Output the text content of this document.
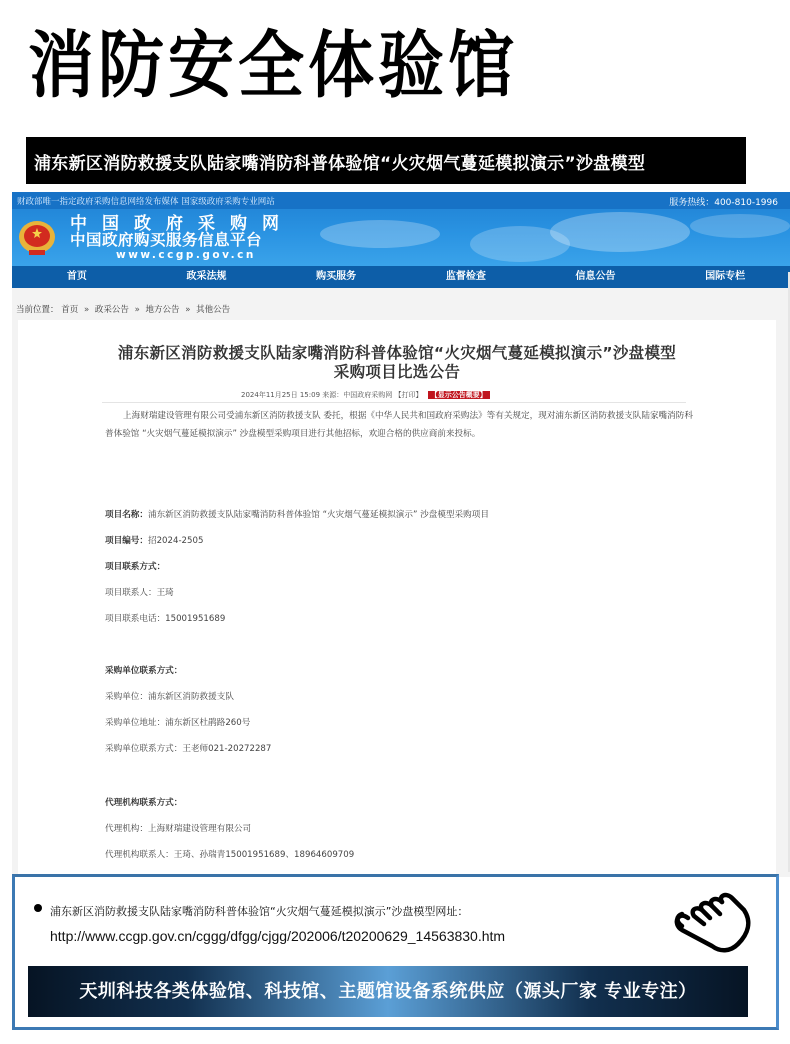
消防安全体验馆
浦东新区消防救援支队陆家嘴消防科普体验馆“火灾烟气蔓延模拟演示”沙盘模型
财政部唯一指定政府采购信息网络发布媒体 国家级政府采购专业网站	服务热线：400-810-1996
中国政府采购网
中国政府购买服务信息平台
www.ccgp.gov.cn
首页	政采法规	购买服务	监督检查	信息公告	国际专栏
当前位置： 首页 » 政采公告 » 地方公告 » 其他公告
浦东新区消防救援支队陆家嘴消防科普体验馆“火灾烟气蔓延模拟演示”沙盘模型
采购项目比选公告
2024年11月25日 15:09 来源：中国政府采购网 【打印】 【显示公告概要】
上海财瑞建设管理有限公司受浦东新区消防救援支队 委托，根据《中华人民共和国政府采购法》等有关规定，现对浦东新区消防救援支队陆家嘴消防科普体验馆 “火灾烟气蔓延模拟演示” 沙盘模型采购项目进行其他招标，欢迎合格的供应商前来投标。
项目名称：浦东新区消防救援支队陆家嘴消防科普体验馆 “火灾烟气蔓延模拟演示” 沙盘模型采购项目
项目编号：招2024-2505
项目联系方式：
项目联系人：王琦
项目联系电话：15001951689
采购单位联系方式：
采购单位：浦东新区消防救援支队
采购单位地址：浦东新区杜鹃路260号
采购单位联系方式：王老师021-20272287
代理机构联系方式：
代理机构：上海财瑞建设管理有限公司
代理机构联系人：王琦、孙瑞青15001951689、18964609709
浦东新区消防救援支队陆家嘴消防科普体验馆“火灾烟气蔓延模拟演示”沙盘模型网址：
http://www.ccgp.gov.cn/cggg/dfgg/cjgg/202006/t20200629_14563830.htm
天圳科技各类体验馆、科技馆、主题馆设备系统供应（源头厂家 专业专注）
